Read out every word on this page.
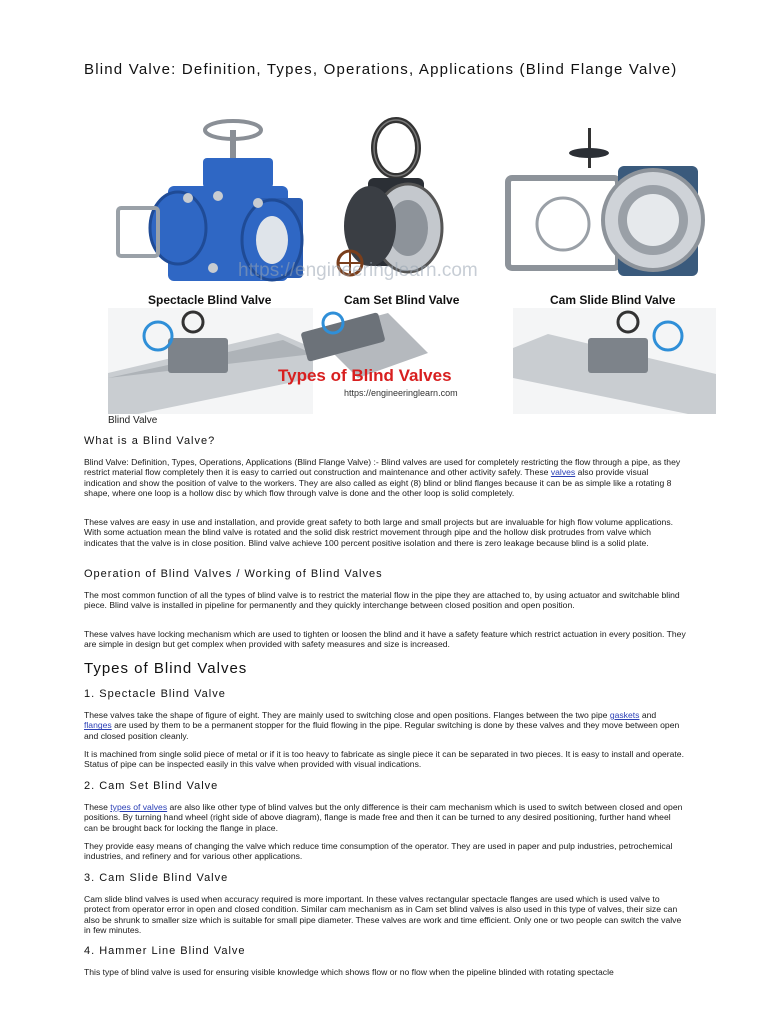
Blind Valve: Definition, Types, Operations, Applications (Blind Flange Valve)
https://engineeringlearn.com
Spectacle Blind Valve	Cam Set Blind Valve	Cam Slide Blind Valve
Types of Blind Valves
https://engineeringlearn.com
Blind Valve
What is a Blind Valve?

Blind Valve: Definition, Types, Operations, Applications (Blind Flange Valve) :- Blind valves are used for completely restricting the flow through a pipe, as they restrict material flow completely then it is easy to carried out construction and maintenance and other activity safely. These valves also provide visual indication and show the position of valve to the workers. They are also called as eight (8) blind or blind flanges because it can be as simple like a rotating 8 shape, where one loop is a hollow disc by which flow through valve is done and the other loop is solid completely.

These valves are easy in use and installation, and provide great safety to both large and small projects but are invaluable for high flow volume applications. With some actuation mean the blind valve is rotated and the solid disk restrict movement through pipe and the hollow disk protrudes from valve which indicates that the valve is in close position. Blind valve achieve 100 percent positive isolation and there is zero leakage because blind is a solid plate.

Operation of Blind Valves / Working of Blind Valves

The most common function of all the types of blind valve is to restrict the material flow in the pipe they are attached to, by using actuator and switchable blind piece. Blind valve is installed in pipeline for permanently and they quickly interchange between closed position and open position.

These valves have locking mechanism which are used to tighten or loosen the blind and it have a safety feature which restrict actuation in every position. They are simple in design but get complex when provided with safety measures and size is increased.

Types of Blind Valves
1. Spectacle Blind Valve

These valves take the shape of figure of eight. They are mainly used to switching close and open positions. Flanges between the two pipe gaskets and flanges are used by them to be a permanent stopper for the fluid flowing in the pipe. Regular switching is done by these valves and they move between open and closed position cleanly.

It is machined from single solid piece of metal or if it is too heavy to fabricate as single piece it can be separated in two pieces. It is easy to install and operate. Status of pipe can be inspected easily in this valve when provided with visual indications.

2. Cam Set Blind Valve

These types of valves are also like other type of blind valves but the only difference is their cam mechanism which is used to switch between closed and open positions. By turning hand wheel (right side of above diagram), flange is made free and then it can be turned to any desired positioning, further hand wheel can be brought back for locking the flange in place.

They provide easy means of changing the valve which reduce time consumption of the operator. They are used in paper and pulp industries, petrochemical industries, and refinery and for various other applications.

3. Cam Slide Blind Valve

Cam slide blind valves is used when accuracy required is more important. In these valves rectangular spectacle flanges are used which is used valve to protect from operator error in open and closed condition. Similar cam mechanism as in Cam set blind valves is also used in this type of valves, their size can also be shrunk to smaller size which is suitable for small pipe diameter. These valves are work and time efficient. Only one or two people can switch the valve in few minutes.

4. Hammer Line Blind Valve

This type of blind valve is used for ensuring visible knowledge which shows flow or no flow when the pipeline blinded with rotating spectacle
